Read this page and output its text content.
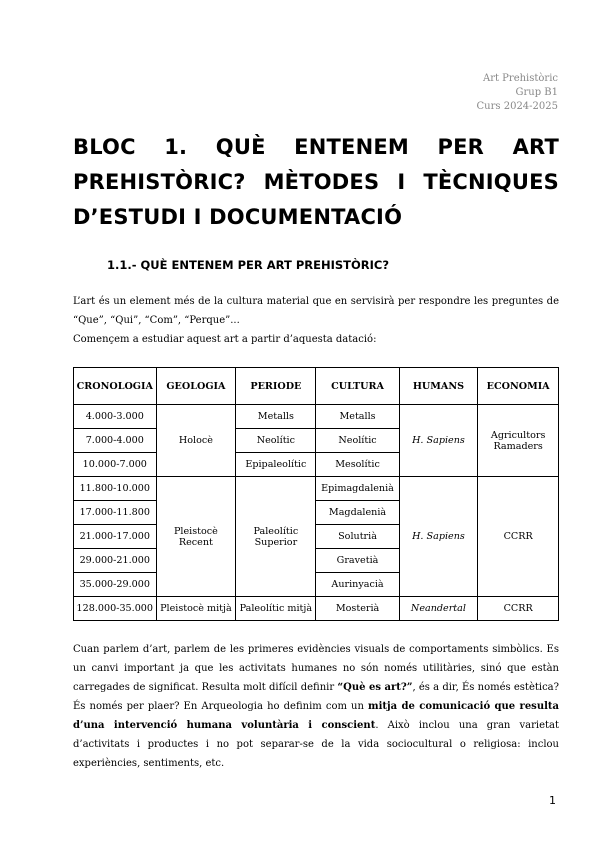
Art Prehistòric
Grup B1
Curs 2024-2025
BLOC 1. QUÈ ENTENEM PER ART
PREHISTÒRIC? MÈTODES I TÈCNIQUES
D’ESTUDI I DOCUMENTACIÓ
1.1.- QUÈ ENTENEM PER ART PREHISTÒRIC?
L’art és un element més de la cultura material que en servisirà per respondre les preguntes de “Que”, “Qui”, “Com”, “Perque”...
Començem a estudiar aquest art a partir d’aquesta datació:
CRONOLOGIA	GEOLOGIA	PERIODE	CULTURA	HUMANS	ECONOMIA
4.000-3.000	Holocè	Metalls	Metalls	H. Sapiens	Agricultors Ramaders
7.000-4.000		Neolític	Neolític		
10.000-7.000		Epipaleolític	Mesolític		
11.800-10.000	Pleistocè Recent	Paleolític Superior	Epimagdalenià	H. Sapiens	CCRR
17.000-11.800			Magdalenià		
21.000-17.000			Solutrià		
29.000-21.000			Gravetià		
35.000-29.000			Aurinyacià		
128.000-35.000	Pleistocè mitjà	Paleolític mitjà	Mosterià	Neandertal	CCRR
Cuan parlem d’art, parlem de les primeres evidències visuals de comportaments simbòlics. Es un canvi important ja que les activitats humanes no són només utilitàries, sinó que estàn carregades de significat. Resulta molt difícil definir “Què es art?”, és a dir, És només estètica? És només per plaer? En Arqueologia ho definim com un mitja de comunicació que resulta d’una intervenció humana voluntària i conscient. Això inclou una gran varietat d’activitats i productes i no pot separar-se de la vida sociocultural o religiosa: inclou experiències, sentiments, etc.
1
